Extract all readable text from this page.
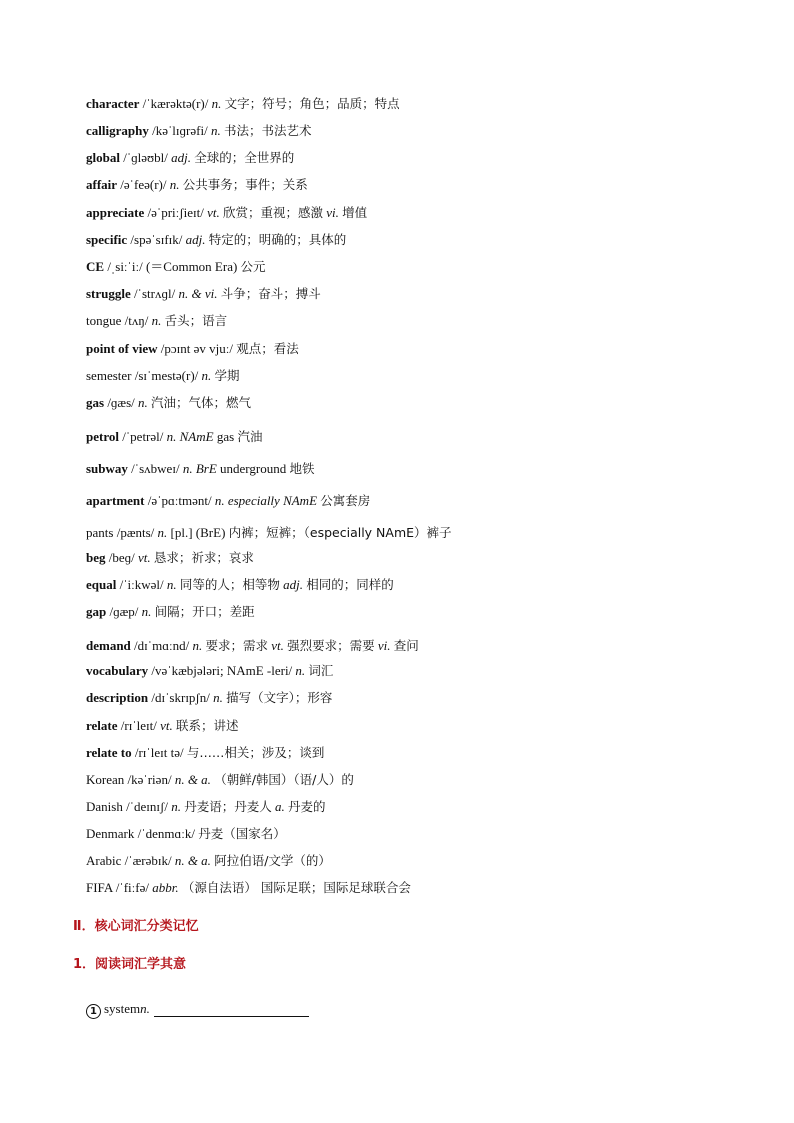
character /ˈkærəktə(r)/ n. 文字；符号；角色；品质；特点
calligraphy /kəˈlɪɡrəfi/ n. 书法；书法艺术
global /ˈɡləʊbl/ adj. 全球的；全世界的
affair /əˈfeə(r)/ n. 公共事务；事件；关系
appreciate /əˈpriːʃieɪt/ vt. 欣赏；重视；感激 vi. 增值
specific /spəˈsɪfɪk/ adj. 特定的；明确的；具体的
CE /ˌsiːˈiː/ (＝Common Era) 公元
struggle /ˈstrʌɡl/ n. & vi. 斗争；奋斗；搏斗
tongue /tʌŋ/ n. 舌头；语言
point of view /pɔɪnt əv vjuː/ 观点；看法
semester /sɪˈmestə(r)/ n. 学期
gas /ɡæs/ n. 汽油；气体；燃气
petrol /ˈpetrəl/ n. NAmE gas 汽油
subway /ˈsʌbweɪ/ n. BrE underground 地铁
apartment /əˈpɑːtmənt/ n. especially NAmE 公寓套房
pants /pænts/ n. [pl.] (BrE) 内裤；短裤；（especially NAmE）裤子
beg /beɡ/ vt. 恳求；祈求；哀求
equal /ˈiːkwəl/ n. 同等的人；相等物 adj. 相同的；同样的
gap /ɡæp/ n. 间隔；开口；差距
demand /dɪˈmɑːnd/ n. 要求；需求 vt. 强烈要求；需要 vi. 查问
vocabulary /vəˈkæbjələri; NAmE -leri/ n. 词汇
description /dɪˈskrɪpʃn/ n. 描写（文字）；形容
relate /rɪˈleɪt/ vt. 联系；讲述
relate to /rɪˈleɪt tə/ 与……相关；涉及；谈到
Korean /kəˈriən/ n. & a. （朝鲜/韩国）（语/人）的
Danish /ˈdeɪnɪʃ/ n. 丹麦语；丹麦人 a. 丹麦的
Denmark /ˈdenmɑːk/ 丹麦（国家名）
Arabic /ˈærəbɪk/ n. & a. 阿拉伯语/文学（的）
FIFA /ˈfiːfə/ abbr. （源自法语） 国际足联；国际足球联合会
Ⅱ．核心词汇分类记忆
1．阅读词汇学其意
1 systemn.
